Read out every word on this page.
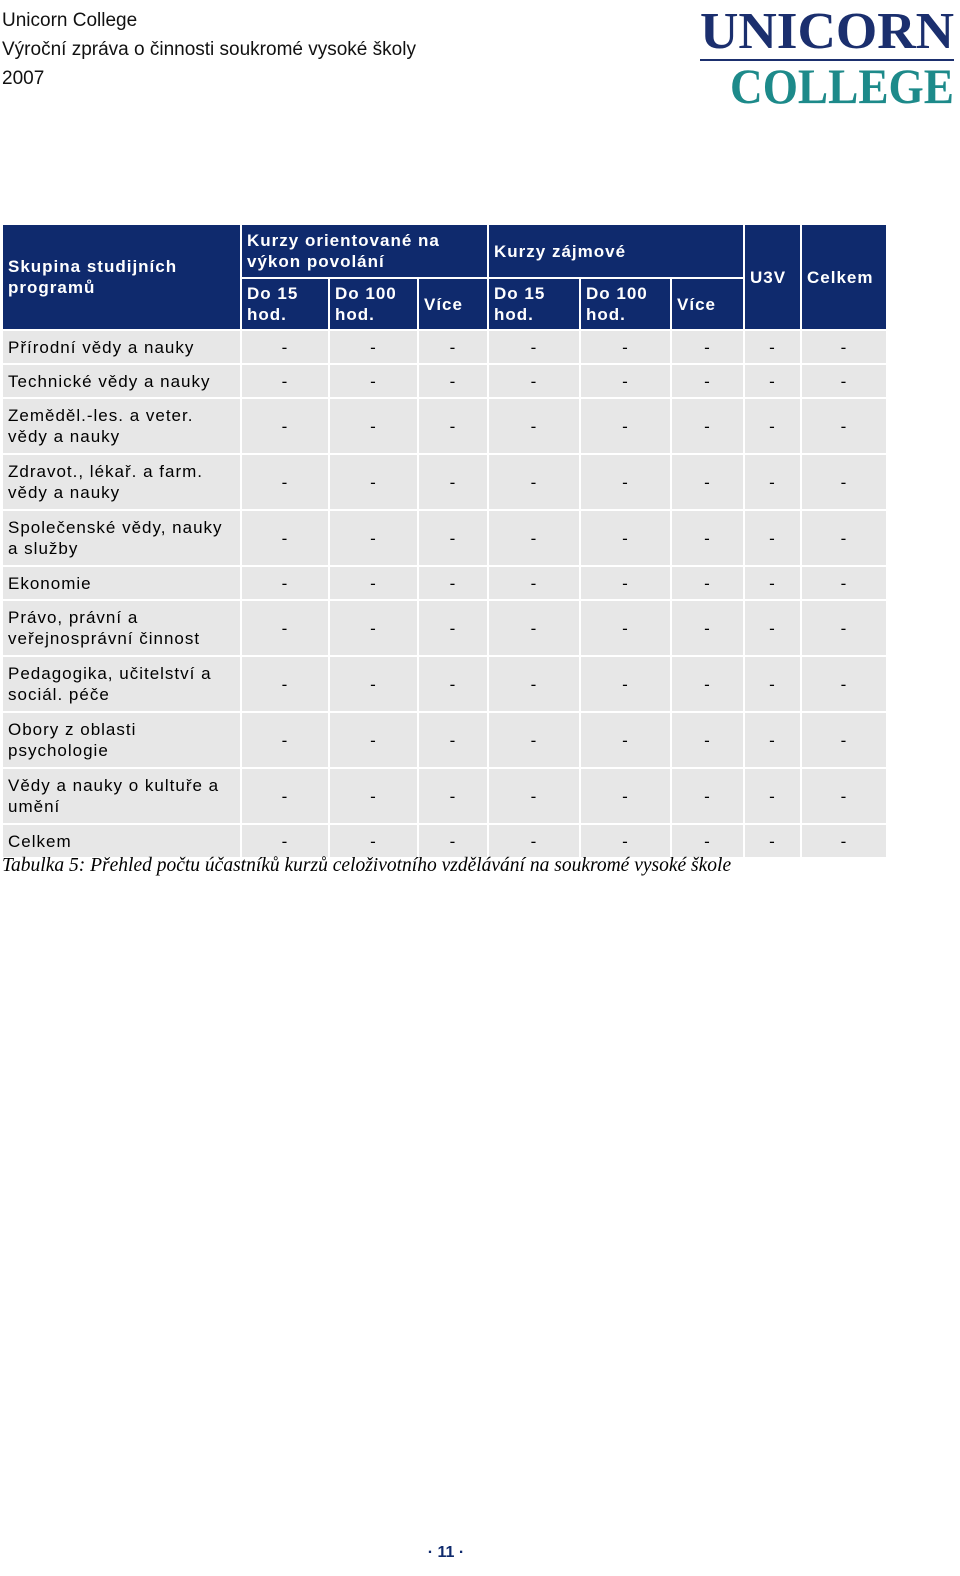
Unicorn College
Výroční zpráva o činnosti soukromé vysoké školy
2007
UNICORN
COLLEGE
Skupina studijních programů	Kurzy orientované na výkon povolání			Kurzy zájmové			U3V	Celkem
	Do 15 hod.	Do 100 hod.	Více	Do 15 hod.	Do 100 hod.	Více		
Přírodní vědy a nauky	-	-	-	-	-	-	-	-
Technické vědy a nauky	-	-	-	-	-	-	-	-
Zeměděl.-les. a veter. vědy a nauky	-	-	-	-	-	-	-	-
Zdravot., lékař. a farm. vědy a nauky	-	-	-	-	-	-	-	-
Společenské vědy, nauky a služby	-	-	-	-	-	-	-	-
Ekonomie	-	-	-	-	-	-	-	-
Právo, právní a veřejnosprávní činnost	-	-	-	-	-	-	-	-
Pedagogika, učitelství a sociál. péče	-	-	-	-	-	-	-	-
Obory z oblasti psychologie	-	-	-	-	-	-	-	-
Vědy a nauky o kultuře a umění	-	-	-	-	-	-	-	-
Celkem	-	-	-	-	-	-	-	-
Tabulka 5: Přehled počtu účastníků kurzů celoživotního vzdělávání na soukromé vysoké škole
· 11 ·
